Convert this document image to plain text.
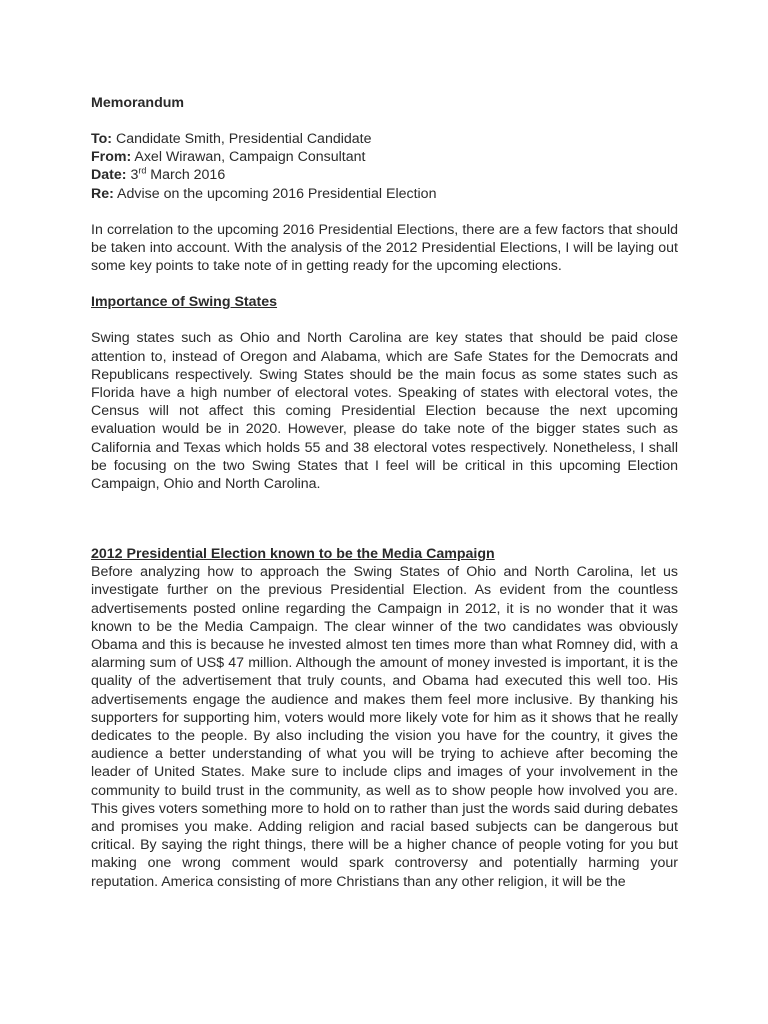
Memorandum
To: Candidate Smith, Presidential Candidate
From: Axel Wirawan, Campaign Consultant
Date: 3rd March 2016
Re: Advise on the upcoming 2016 Presidential Election

In correlation to the upcoming 2016 Presidential Elections, there are a few factors that should be taken into account. With the analysis of the 2012 Presidential Elections, I will be laying out some key points to take note of in getting ready for the upcoming elections.

Importance of Swing States

Swing states such as Ohio and North Carolina are key states that should be paid close attention to, instead of Oregon and Alabama, which are Safe States for the Democrats and Republicans respectively. Swing States should be the main focus as some states such as Florida have a high number of electoral votes. Speaking of states with electoral votes, the Census will not affect this coming Presidential Election because the next upcoming evaluation would be in 2020. However, please do take note of the bigger states such as California and Texas which holds 55 and 38 electoral votes respectively. Nonetheless, I shall be focusing on the two Swing States that I feel will be critical in this upcoming Election Campaign, Ohio and North Carolina.

2012 Presidential Election known to be the Media Campaign

Before analyzing how to approach the Swing States of Ohio and North Carolina, let us investigate further on the previous Presidential Election. As evident from the countless advertisements posted online regarding the Campaign in 2012, it is no wonder that it was known to be the Media Campaign. The clear winner of the two candidates was obviously Obama and this is because he invested almost ten times more than what Romney did, with a alarming sum of US$ 47 million. Although the amount of money invested is important, it is the quality of the advertisement that truly counts, and Obama had executed this well too. His advertisements engage the audience and makes them feel more inclusive. By thanking his supporters for supporting him, voters would more likely vote for him as it shows that he really dedicates to the people. By also including the vision you have for the country, it gives the audience a better understanding of what you will be trying to achieve after becoming the leader of United States. Make sure to include clips and images of your involvement in the community to build trust in the community, as well as to show people how involved you are. This gives voters something more to hold on to rather than just the words said during debates and promises you make. Adding religion and racial based subjects can be dangerous but critical. By saying the right things, there will be a higher chance of people voting for you but making one wrong comment would spark controversy and potentially harming your reputation. America consisting of more Christians than any other religion, it will be the
